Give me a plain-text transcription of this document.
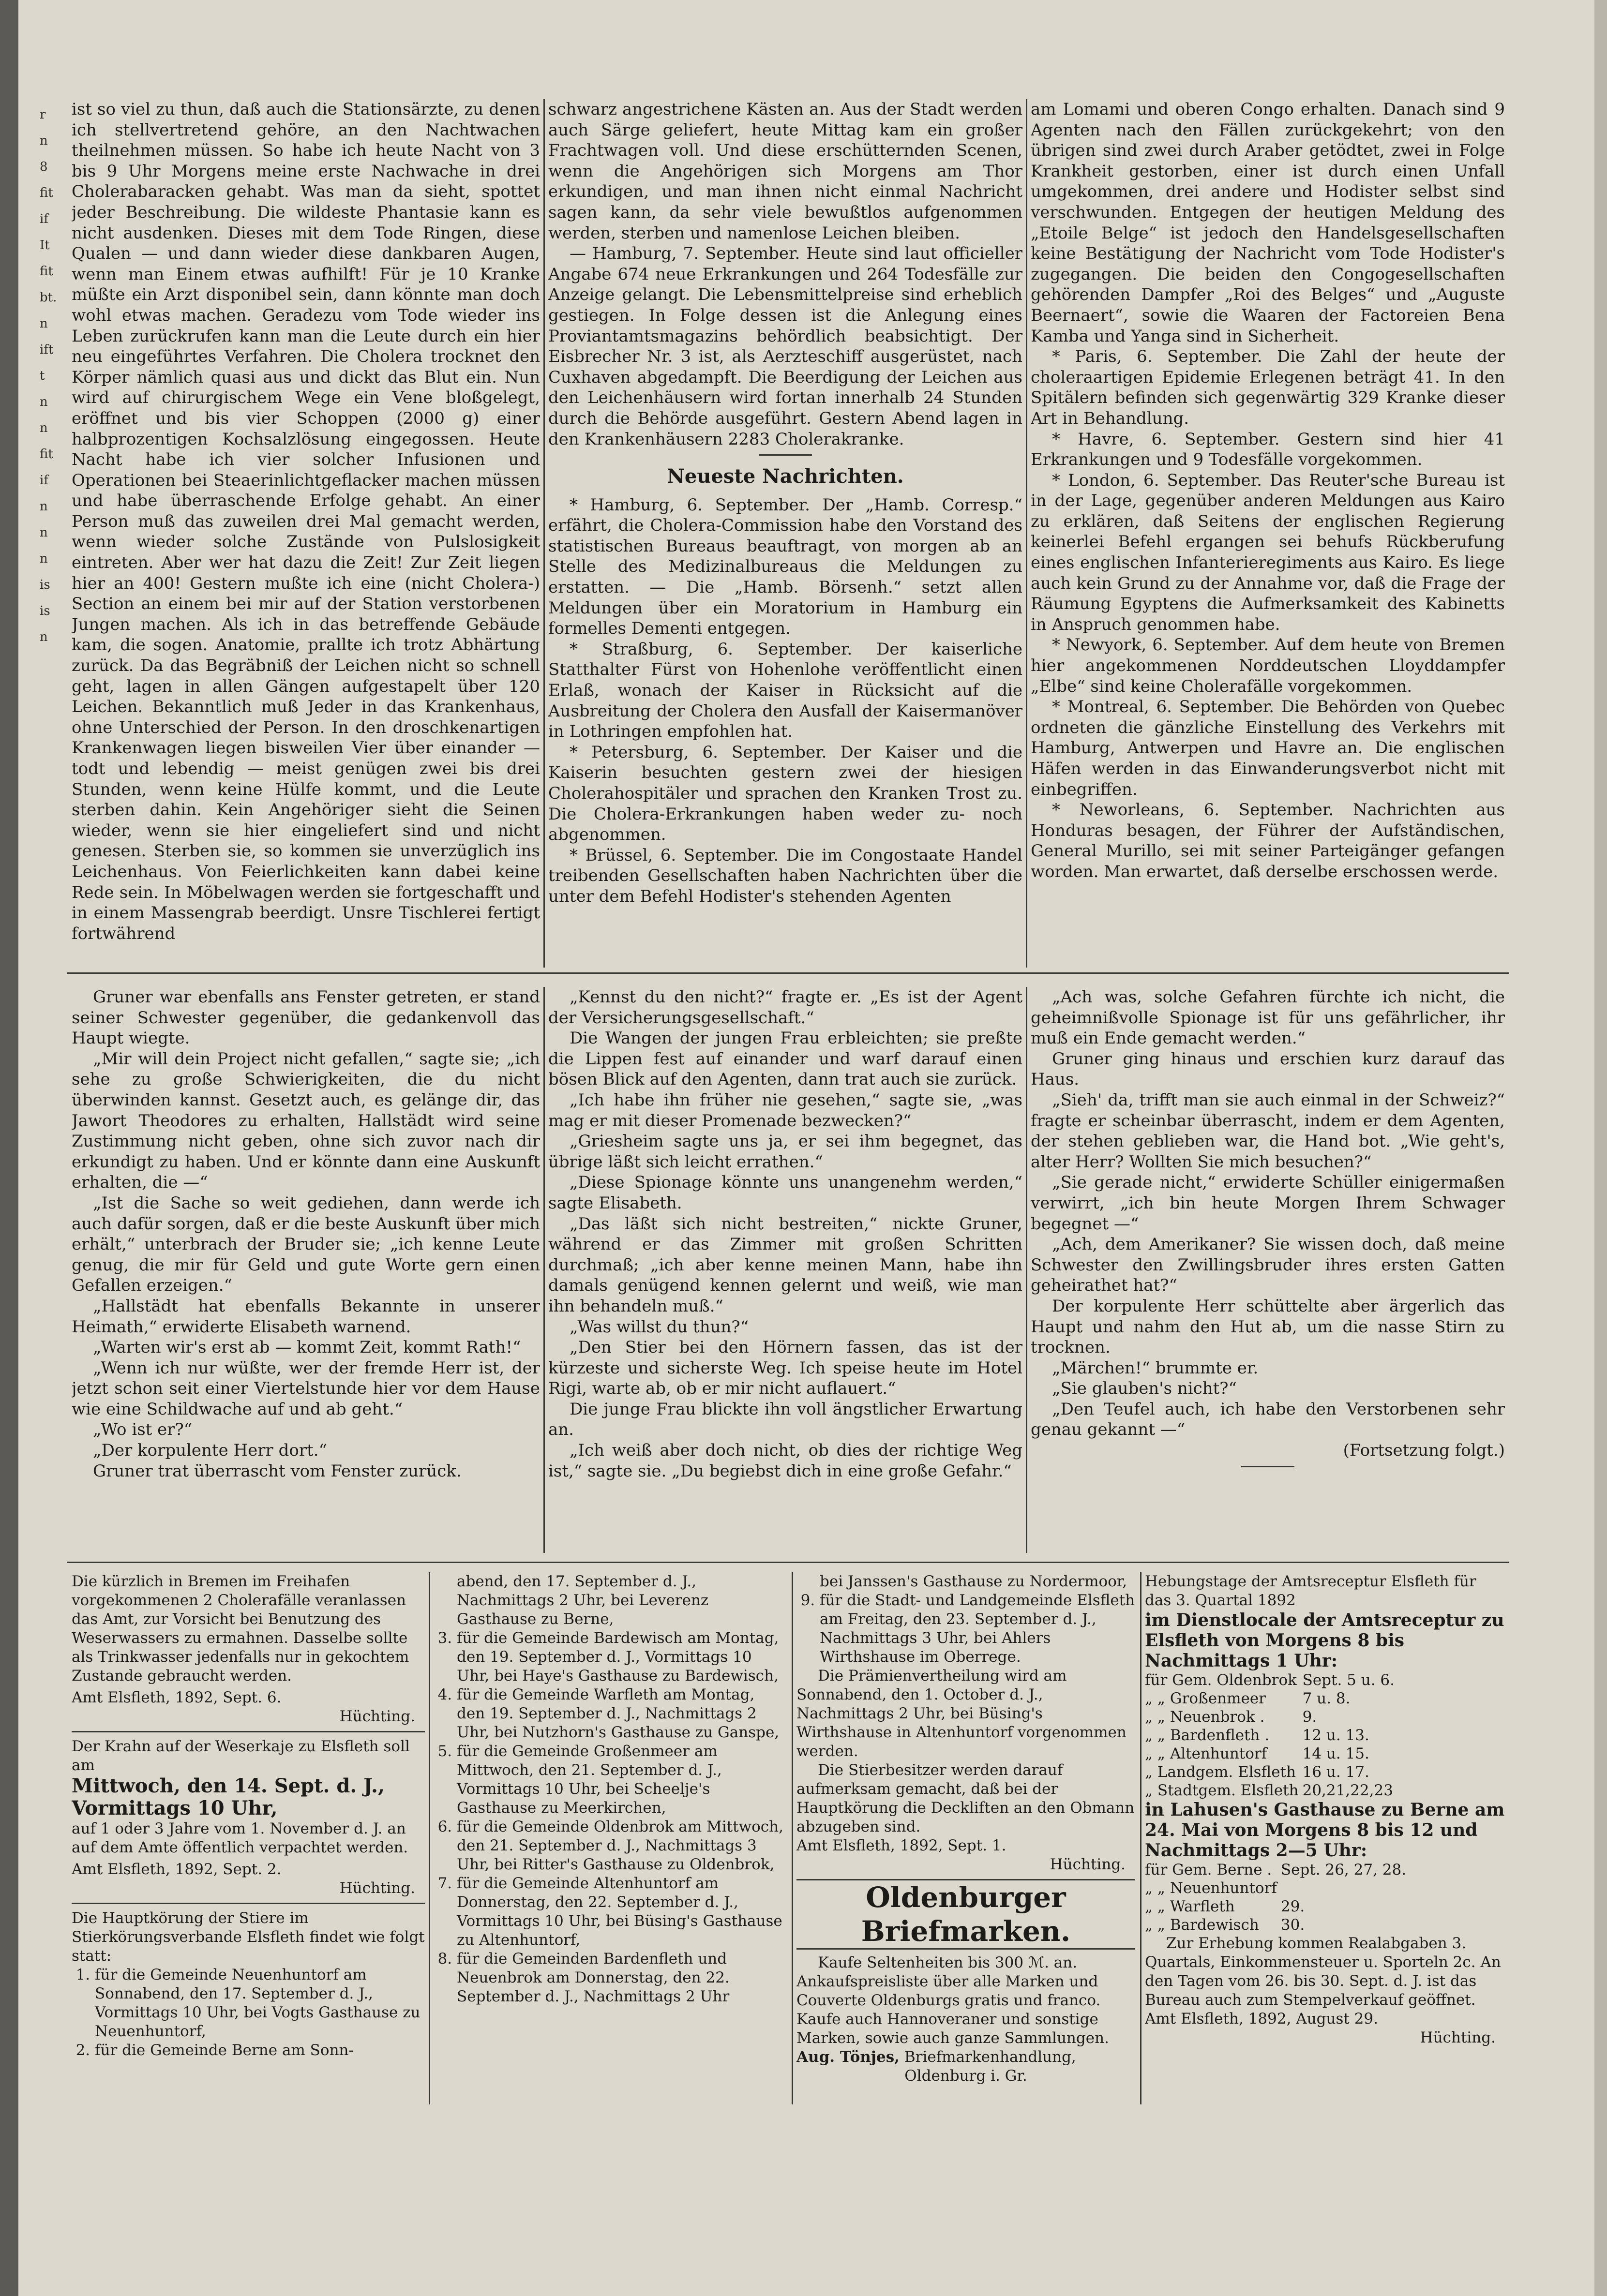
r
n
8
fit
if
It
fit
bt.
n
ift
t
n
n
fit
if
n
n
n
is
is
n

ist so viel zu thun, daß auch die Stationsärzte, zu denen ich stellvertretend gehöre, an den Nachtwachen theilnehmen müssen. So habe ich heute Nacht von 3 bis 9 Uhr Morgens meine erste Nachwache in drei Cholerabaracken gehabt. Was man da sieht, spottet jeder Beschreibung. Die wildeste Phantasie kann es nicht ausdenken. Dieses mit dem Tode Ringen, diese Qualen — und dann wieder diese dankbaren Augen, wenn man Einem etwas aufhilft! Für je 10 Kranke müßte ein Arzt disponibel sein, dann könnte man doch wohl etwas machen. Geradezu vom Tode wieder ins Leben zurückrufen kann man die Leute durch ein hier neu eingeführtes Verfahren. Die Cholera trocknet den Körper nämlich quasi aus und dickt das Blut ein. Nun wird auf chirurgischem Wege ein Vene bloßgelegt, eröffnet und bis vier Schoppen (2000 g) einer halbprozentigen Kochsalzlösung eingegossen. Heute Nacht habe ich vier solcher Infusionen und Operationen bei Steaerinlichtgeflacker machen müssen und habe überraschende Erfolge gehabt. An einer Person muß das zuweilen drei Mal gemacht werden, wenn wieder solche Zustände von Pulslosigkeit eintreten. Aber wer hat dazu die Zeit! Zur Zeit liegen hier an 400! Gestern mußte ich eine (nicht Cholera-) Section an einem bei mir auf der Station verstorbenen Jungen machen. Als ich in das betreffende Gebäude kam, die sogen. Anatomie, prallte ich trotz Abhärtung zurück. Da das Begräbniß der Leichen nicht so schnell geht, lagen in allen Gängen aufgestapelt über 120 Leichen. Bekanntlich muß Jeder in das Krankenhaus, ohne Unterschied der Person. In den droschkenartigen Krankenwagen liegen bisweilen Vier über einander — todt und lebendig — meist genügen zwei bis drei Stunden, wenn keine Hülfe kommt, und die Leute sterben dahin. Kein Angehöriger sieht die Seinen wieder, wenn sie hier eingeliefert sind und nicht genesen. Sterben sie, so kommen sie unverzüglich ins Leichenhaus. Von Feierlichkeiten kann dabei keine Rede sein. In Möbelwagen werden sie fortgeschafft und in einem Massengrab beerdigt. Unsre Tischlerei fertigt fortwährend

schwarz angestrichene Kästen an. Aus der Stadt werden auch Särge geliefert, heute Mittag kam ein großer Frachtwagen voll. Und diese erschütternden Scenen, wenn die Angehörigen sich Morgens am Thor erkundigen, und man ihnen nicht einmal Nachricht sagen kann, da sehr viele bewußtlos aufgenommen werden, sterben und namenlose Leichen bleiben.

— Hamburg, 7. September. Heute sind laut officieller Angabe 674 neue Erkrankungen und 264 Todesfälle zur Anzeige gelangt. Die Lebensmittelpreise sind erheblich gestiegen. In Folge dessen ist die Anlegung eines Proviantamtsmagazins behördlich beabsichtigt. Der Eisbrecher Nr. 3 ist, als Aerzteschiff ausgerüstet, nach Cuxhaven abgedampft. Die Beerdigung der Leichen aus den Leichenhäusern wird fortan innerhalb 24 Stunden durch die Behörde ausgeführt. Gestern Abend lagen in den Krankenhäusern 2283 Cholerakranke.

Neueste Nachrichten.

* Hamburg, 6. September. Der „Hamb. Corresp.“ erfährt, die Cholera-Commission habe den Vorstand des statistischen Bureaus beauftragt, von morgen ab an Stelle des Medizinalbureaus die Meldungen zu erstatten. — Die „Hamb. Börsenh.“ setzt allen Meldungen über ein Moratorium in Hamburg ein formelles Dementi entgegen.

* Straßburg, 6. September. Der kaiserliche Statthalter Fürst von Hohenlohe veröffentlicht einen Erlaß, wonach der Kaiser in Rücksicht auf die Ausbreitung der Cholera den Ausfall der Kaisermanöver in Lothringen empfohlen hat.

* Petersburg, 6. September. Der Kaiser und die Kaiserin besuchten gestern zwei der hiesigen Cholerahospitäler und sprachen den Kranken Trost zu. Die Cholera-Erkrankungen haben weder zu- noch abgenommen.

* Brüssel, 6. September. Die im Congostaate Handel treibenden Gesellschaften haben Nachrichten über die unter dem Befehl Hodister's stehenden Agenten

am Lomami und oberen Congo erhalten. Danach sind 9 Agenten nach den Fällen zurückgekehrt; von den übrigen sind zwei durch Araber getödtet, zwei in Folge Krankheit gestorben, einer ist durch einen Unfall umgekommen, drei andere und Hodister selbst sind verschwunden. Entgegen der heutigen Meldung des „Etoile Belge“ ist jedoch den Handelsgesellschaften keine Bestätigung der Nachricht vom Tode Hodister's zugegangen. Die beiden den Congogesellschaften gehörenden Dampfer „Roi des Belges“ und „Auguste Beernaert“, sowie die Waaren der Factoreien Bena Kamba und Yanga sind in Sicherheit.

* Paris, 6. September. Die Zahl der heute der choleraartigen Epidemie Erlegenen beträgt 41. In den Spitälern befinden sich gegenwärtig 329 Kranke dieser Art in Behandlung.

* Havre, 6. September. Gestern sind hier 41 Erkrankungen und 9 Todesfälle vorgekommen.

* London, 6. September. Das Reuter'sche Bureau ist in der Lage, gegenüber anderen Meldungen aus Kairo zu erklären, daß Seitens der englischen Regierung keinerlei Befehl ergangen sei behufs Rückberufung eines englischen Infanterieregiments aus Kairo. Es liege auch kein Grund zu der Annahme vor, daß die Frage der Räumung Egyptens die Aufmerksamkeit des Kabinetts in Anspruch genommen habe.

* Newyork, 6. September. Auf dem heute von Bremen hier angekommenen Norddeutschen Lloyddampfer „Elbe“ sind keine Cholerafälle vorgekommen.

* Montreal, 6. September. Die Behörden von Quebec ordneten die gänzliche Einstellung des Verkehrs mit Hamburg, Antwerpen und Havre an. Die englischen Häfen werden in das Einwanderungsverbot nicht mit einbegriffen.

* Neworleans, 6. September. Nachrichten aus Honduras besagen, der Führer der Aufständischen, General Murillo, sei mit seiner Parteigänger gefangen worden. Man erwartet, daß derselbe erschossen werde.

Gruner war ebenfalls ans Fenster getreten, er stand seiner Schwester gegenüber, die gedankenvoll das Haupt wiegte.

„Mir will dein Project nicht gefallen,“ sagte sie; „ich sehe zu große Schwierigkeiten, die du nicht überwinden kannst. Gesetzt auch, es gelänge dir, das Jawort Theodores zu erhalten, Hallstädt wird seine Zustimmung nicht geben, ohne sich zuvor nach dir erkundigt zu haben. Und er könnte dann eine Auskunft erhalten, die —“

„Ist die Sache so weit gediehen, dann werde ich auch dafür sorgen, daß er die beste Auskunft über mich erhält,“ unterbrach der Bruder sie; „ich kenne Leute genug, die mir für Geld und gute Worte gern einen Gefallen erzeigen.“

„Hallstädt hat ebenfalls Bekannte in unserer Heimath,“ erwiderte Elisabeth warnend.

„Warten wir's erst ab — kommt Zeit, kommt Rath!“

„Wenn ich nur wüßte, wer der fremde Herr ist, der jetzt schon seit einer Viertelstunde hier vor dem Hause wie eine Schildwache auf und ab geht.“

„Wo ist er?“

„Der korpulente Herr dort.“

Gruner trat überrascht vom Fenster zurück.

„Kennst du den nicht?“ fragte er. „Es ist der Agent der Versicherungsgesellschaft.“

Die Wangen der jungen Frau erbleichten; sie preßte die Lippen fest auf einander und warf darauf einen bösen Blick auf den Agenten, dann trat auch sie zurück.

„Ich habe ihn früher nie gesehen,“ sagte sie, „was mag er mit dieser Promenade bezwecken?“

„Griesheim sagte uns ja, er sei ihm begegnet, das übrige läßt sich leicht errathen.“

„Diese Spionage könnte uns unangenehm werden,“ sagte Elisabeth.

„Das läßt sich nicht bestreiten,“ nickte Gruner, während er das Zimmer mit großen Schritten durchmaß; „ich aber kenne meinen Mann, habe ihn damals genügend kennen gelernt und weiß, wie man ihn behandeln muß.“

„Was willst du thun?“

„Den Stier bei den Hörnern fassen, das ist der kürzeste und sicherste Weg. Ich speise heute im Hotel Rigi, warte ab, ob er mir nicht auflauert.“

Die junge Frau blickte ihn voll ängstlicher Erwartung an.

„Ich weiß aber doch nicht, ob dies der richtige Weg ist,“ sagte sie. „Du begiebst dich in eine große Gefahr.“

„Ach was, solche Gefahren fürchte ich nicht, die geheimnißvolle Spionage ist für uns gefährlicher, ihr muß ein Ende gemacht werden.“

Gruner ging hinaus und erschien kurz darauf das Haus.

„Sieh' da, trifft man sie auch einmal in der Schweiz?“ fragte er scheinbar überrascht, indem er dem Agenten, der stehen geblieben war, die Hand bot. „Wie geht's, alter Herr? Wollten Sie mich besuchen?“

„Sie gerade nicht,“ erwiderte Schüller einigermaßen verwirrt, „ich bin heute Morgen Ihrem Schwager begegnet —“

„Ach, dem Amerikaner? Sie wissen doch, daß meine Schwester den Zwillingsbruder ihres ersten Gatten geheirathet hat?“

Der korpulente Herr schüttelte aber ärgerlich das Haupt und nahm den Hut ab, um die nasse Stirn zu trocknen.

„Märchen!“ brummte er.

„Sie glauben's nicht?“

„Den Teufel auch, ich habe den Verstorbenen sehr genau gekannt —“

(Fortsetzung folgt.)

Die kürzlich in Bremen im Freihafen vorgekommenen 2 Cholerafälle veranlassen das Amt, zur Vorsicht bei Benutzung des Weserwassers zu ermahnen. Dasselbe sollte als Trinkwasser jedenfalls nur in gekochtem Zustande gebraucht werden.

Amt Elsfleth, 1892, Sept. 6.

Hüchting.

Der Krahn auf der Weserkaje zu Elsfleth soll am

Mittwoch, den 14. Sept. d. J., Vormittags 10 Uhr,

auf 1 oder 3 Jahre vom 1. November d. J. an auf dem Amte öffentlich verpachtet werden.

Amt Elsfleth, 1892, Sept. 2.

Hüchting.

Die Hauptkörung der Stiere im Stierkörungsverbande Elsfleth findet wie folgt statt:

1. für die Gemeinde Neuenhuntorf am Sonnabend, den 17. September d. J., Vormittags 10 Uhr, bei Vogts Gasthause zu Neuenhuntorf,
2. für die Gemeinde Berne am Sonn-

abend, den 17. September d. J., Nachmittags 2 Uhr, bei Leverenz Gasthause zu Berne,

3. für die Gemeinde Bardewisch am Montag, den 19. September d. J., Vormittags 10 Uhr, bei Haye's Gasthause zu Bardewisch,
4. für die Gemeinde Warfleth am Montag, den 19. September d. J., Nachmittags 2 Uhr, bei Nutzhorn's Gasthause zu Ganspe,
5. für die Gemeinde Großenmeer am Mittwoch, den 21. September d. J., Vormittags 10 Uhr, bei Scheelje's Gasthause zu Meerkirchen,
6. für die Gemeinde Oldenbrok am Mittwoch, den 21. September d. J., Nachmittags 3 Uhr, bei Ritter's Gasthause zu Oldenbrok,
7. für die Gemeinde Altenhuntorf am Donnerstag, den 22. September d. J., Vormittags 10 Uhr, bei Büsing's Gasthause zu Altenhuntorf,
8. für die Gemeinden Bardenfleth und Neuenbrok am Donnerstag, den 22. September d. J., Nachmittags 2 Uhr

bei Janssen's Gasthause zu Nordermoor,

9. für die Stadt- und Landgemeinde Elsfleth am Freitag, den 23. September d. J., Nachmittags 3 Uhr, bei Ahlers Wirthshause im Oberrege.

Die Prämienvertheilung wird am Sonnabend, den 1. October d. J., Nachmittags 2 Uhr, bei Büsing's Wirthshause in Altenhuntorf vorgenommen werden.

Die Stierbesitzer werden darauf aufmerksam gemacht, daß bei der Hauptkörung die Deckliften an den Obmann abzugeben sind.

Amt Elsfleth, 1892, Sept. 1.

Hüchting.

Oldenburger Briefmarken.

Kaufe Seltenheiten bis 300 ℳ. an. Ankaufspreisliste über alle Marken und Couverte Oldenburgs gratis und franco. Kaufe auch Hannoveraner und sonstige Marken, sowie auch ganze Sammlungen.

Aug. Tönjes, Briefmarkenhandlung,

Oldenburg i. Gr.

Hebungstage der Amtsreceptur Elsfleth für das 3. Quartal 1892

im Dienstlocale der Amtsreceptur zu Elsfleth von Morgens 8 bis Nachmittags 1 Uhr:

für Gem. Oldenbrok	Sept. 5 u. 6.
„ „ Großenmeer	7 u. 8.
„ „ Neuenbrok .	9.
„ „ Bardenfleth .	12 u. 13.
„ „ Altenhuntorf	14 u. 15.
„ Landgem. Elsfleth	16 u. 17.
„ Stadtgem. Elsfleth	20,21,22,23

in Lahusen's Gasthause zu Berne am 24. Mai von Morgens 8 bis 12 und Nachmittags 2—5 Uhr:

für Gem. Berne .	Sept. 26, 27, 28.
„ „ Neuenhuntorf	
„ „ Warfleth	29.
„ „ Bardewisch	30.

Zur Erhebung kommen Realabgaben 3. Quartals, Einkommensteuer u. Sporteln 2c. An den Tagen vom 26. bis 30. Sept. d. J. ist das Bureau auch zum Stempelverkauf geöffnet.

Amt Elsfleth, 1892, August 29.

Hüchting.
